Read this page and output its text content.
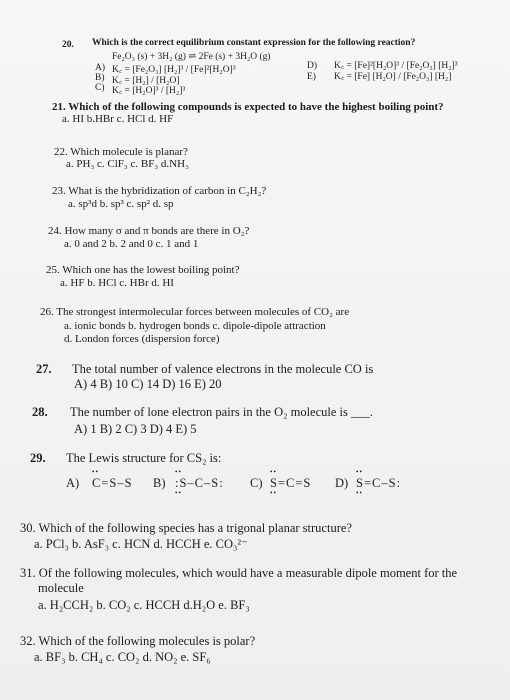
20. Which is the correct equilibrium constant expression for the following reaction?
Fe₂O₃ (s) + 3H₂ (g) ⇌ 2Fe (s) + 3H₂O (g)
A) K꜀ = [Fe₂O₃] [H₂]³ / [Fe]²[H₂O]³
B) K꜀ = [H₂] / [H₂O]
C) K꜀ = [H₂O]³ / [H₂]³
D) K꜀ = [Fe]²[H₂O]³ / [Fe₂O₃] [H₂]³
E) K꜀ = [Fe] [H₂O] / [Fe₂O₃] [H₂]
21. Which of the following compounds is expected to have the highest boiling point?
a. HI b.HBr c. HCl d. HF
22. Which molecule is planar?
a. PH₃ c. ClF₃ c. BF₃ d.NH₃
23. What is the hybridization of carbon in C₂H₂?
a. sp³d b. sp³ c. sp² d. sp
24. How many σ and π bonds are there in O₂?
a. 0 and 2 b. 2 and 0 c. 1 and 1
25. Which one has the lowest boiling point?
a. HF b. HCl c. HBr d. HI
26. The strongest intermolecular forces between molecules of CO₂ are
a. ionic bonds b. hydrogen bonds c. dipole-dipole attraction
d. London forces (dispersion force)
27. The total number of valence electrons in the molecule CO is
A) 4 B) 10 C) 14 D) 16 E) 20
28. The number of lone electron pairs in the O₂ molecule is ___.
A) 1 B) 2 C) 3 D) 4 E) 5
29. The Lewis structure for CS₂ is:
A) •• C=S–S B) •• :S–C–S: •• C) •• S=C=S •• D) •• S=C–S: ••
30. Which of the following species has a trigonal planar structure?
a. PCl₃ b. AsF₃ c. HCN d. HCCH e. CO₃²⁻
31. Of the following molecules, which would have a measurable dipole moment for the
molecule
a. H₂CCH₂ b. CO₂ c. HCCH d.H₂O e. BF₃
32. Which of the following molecules is polar?
a. BF₃ b. CH₄ c. CO₂ d. NO₂ e. SF₆
